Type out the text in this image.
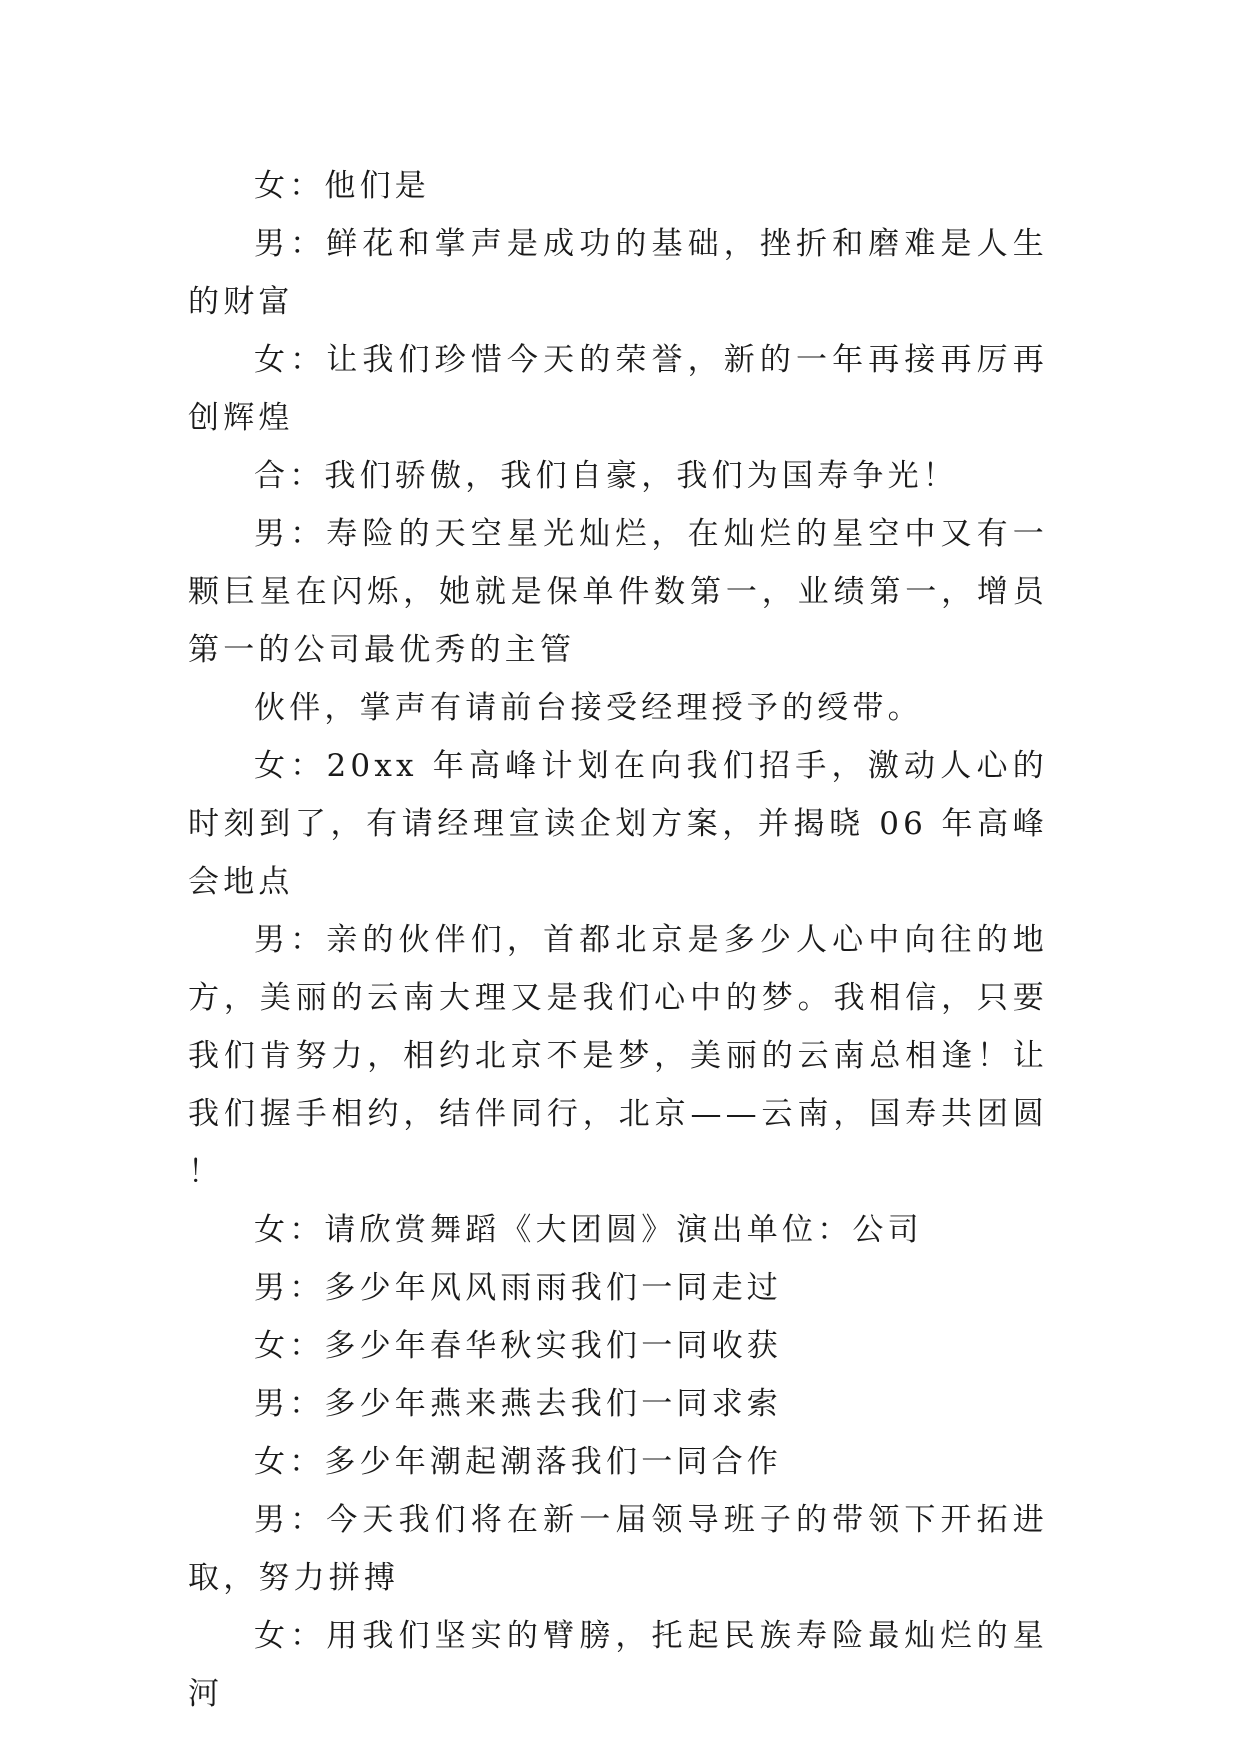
女：他们是

男：鲜花和掌声是成功的基础，挫折和磨难是人生的财富

女：让我们珍惜今天的荣誉，新的一年再接再厉再创辉煌

合：我们骄傲，我们自豪，我们为国寿争光！

男：寿险的天空星光灿烂，在灿烂的星空中又有一颗巨星在闪烁，她就是保单件数第一，业绩第一，增员第一的公司最优秀的主管

伙伴，掌声有请前台接受经理授予的绶带。

女：20xx 年高峰计划在向我们招手，激动人心的时刻到了，有请经理宣读企划方案，并揭晓 06 年高峰会地点

男：亲的伙伴们，首都北京是多少人心中向往的地方，美丽的云南大理又是我们心中的梦。我相信，只要我们肯努力，相约北京不是梦，美丽的云南总相逢！让我们握手相约，结伴同行，北京——云南，国寿共团圆！

女：请欣赏舞蹈《大团圆》演出单位：公司

男：多少年风风雨雨我们一同走过

女：多少年春华秋实我们一同收获

男：多少年燕来燕去我们一同求索

女：多少年潮起潮落我们一同合作

男：今天我们将在新一届领导班子的带领下开拓进取，努力拼搏

女：用我们坚实的臂膀，托起民族寿险最灿烂的星河
